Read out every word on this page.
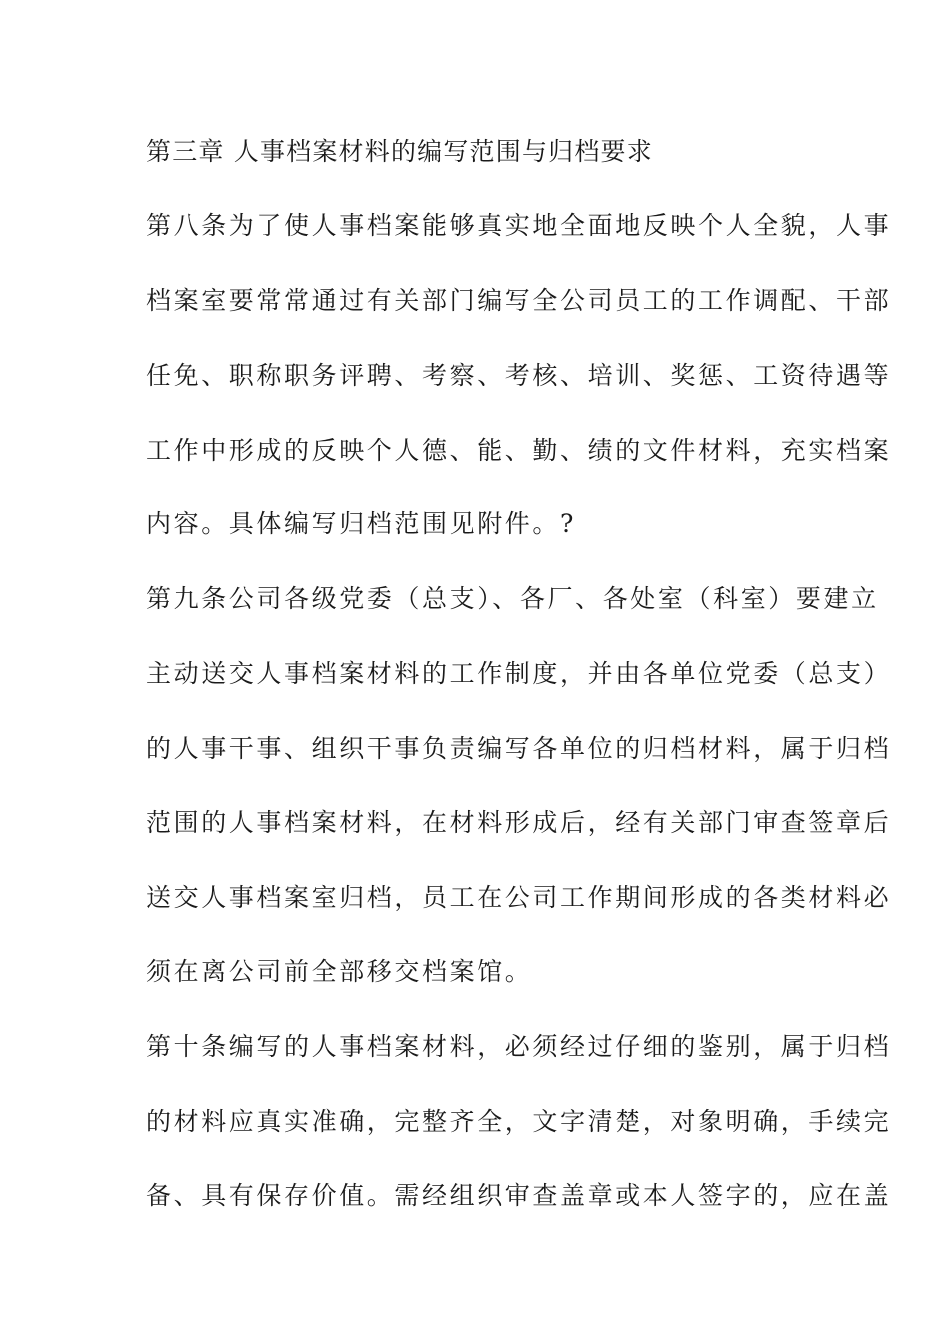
第三章 人事档案材料的编写范围与归档要求
第八条为了使人事档案能够真实地全面地反映个人全貌，人事
档案室要常常通过有关部门编写全公司员工的工作调配、干部
任免、职称职务评聘、考察、考核、培训、奖惩、工资待遇等
工作中形成的反映个人德、能、勤、绩的文件材料，充实档案
内容。具体编写归档范围见附件。?
第九条公司各级党委（总支）、各厂、各处室（科室）要建立
主动送交人事档案材料的工作制度，并由各单位党委（总支）
的人事干事、组织干事负责编写各单位的归档材料，属于归档
范围的人事档案材料，在材料形成后，经有关部门审查签章后
送交人事档案室归档，员工在公司工作期间形成的各类材料必
须在离公司前全部移交档案馆。
第十条编写的人事档案材料，必须经过仔细的鉴别，属于归档
的材料应真实准确，完整齐全，文字清楚，对象明确，手续完
备、具有保存价值。需经组织审查盖章或本人签字的，应在盖
